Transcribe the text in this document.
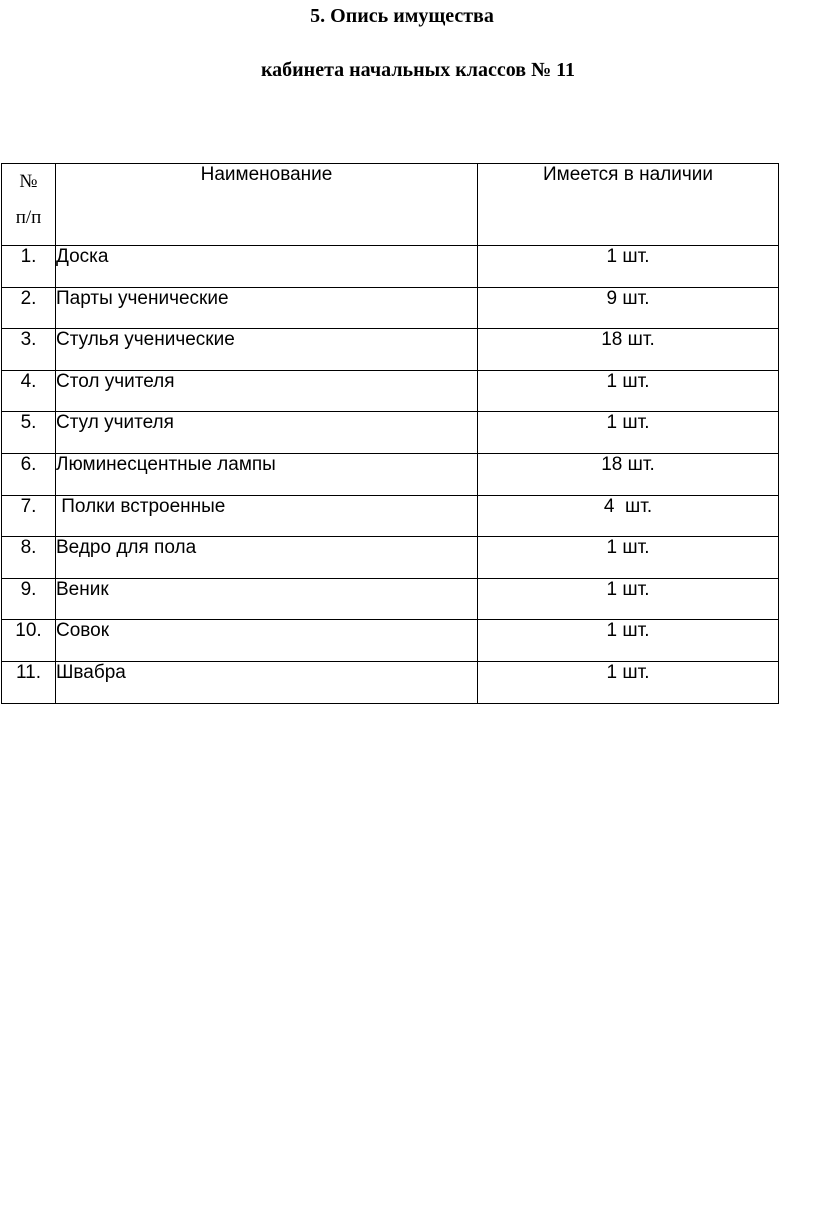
5. Опись имущества
кабинета начальных классов № 11
№
п/п	Наименование	Имеется в наличии
1.	Доска	1 шт.
2.	Парты ученические	9 шт.
3.	Стулья ученические	18 шт.
4.	Стол учителя	1 шт.
5.	Стул учителя	1 шт.
6.	Люминесцентные лампы	18 шт.
7.	Полки встроенные	4  шт.
8.	Ведро для пола	1 шт.
9.	Веник	1 шт.
10.	Совок	1 шт.
11.	Швабра	1 шт.
